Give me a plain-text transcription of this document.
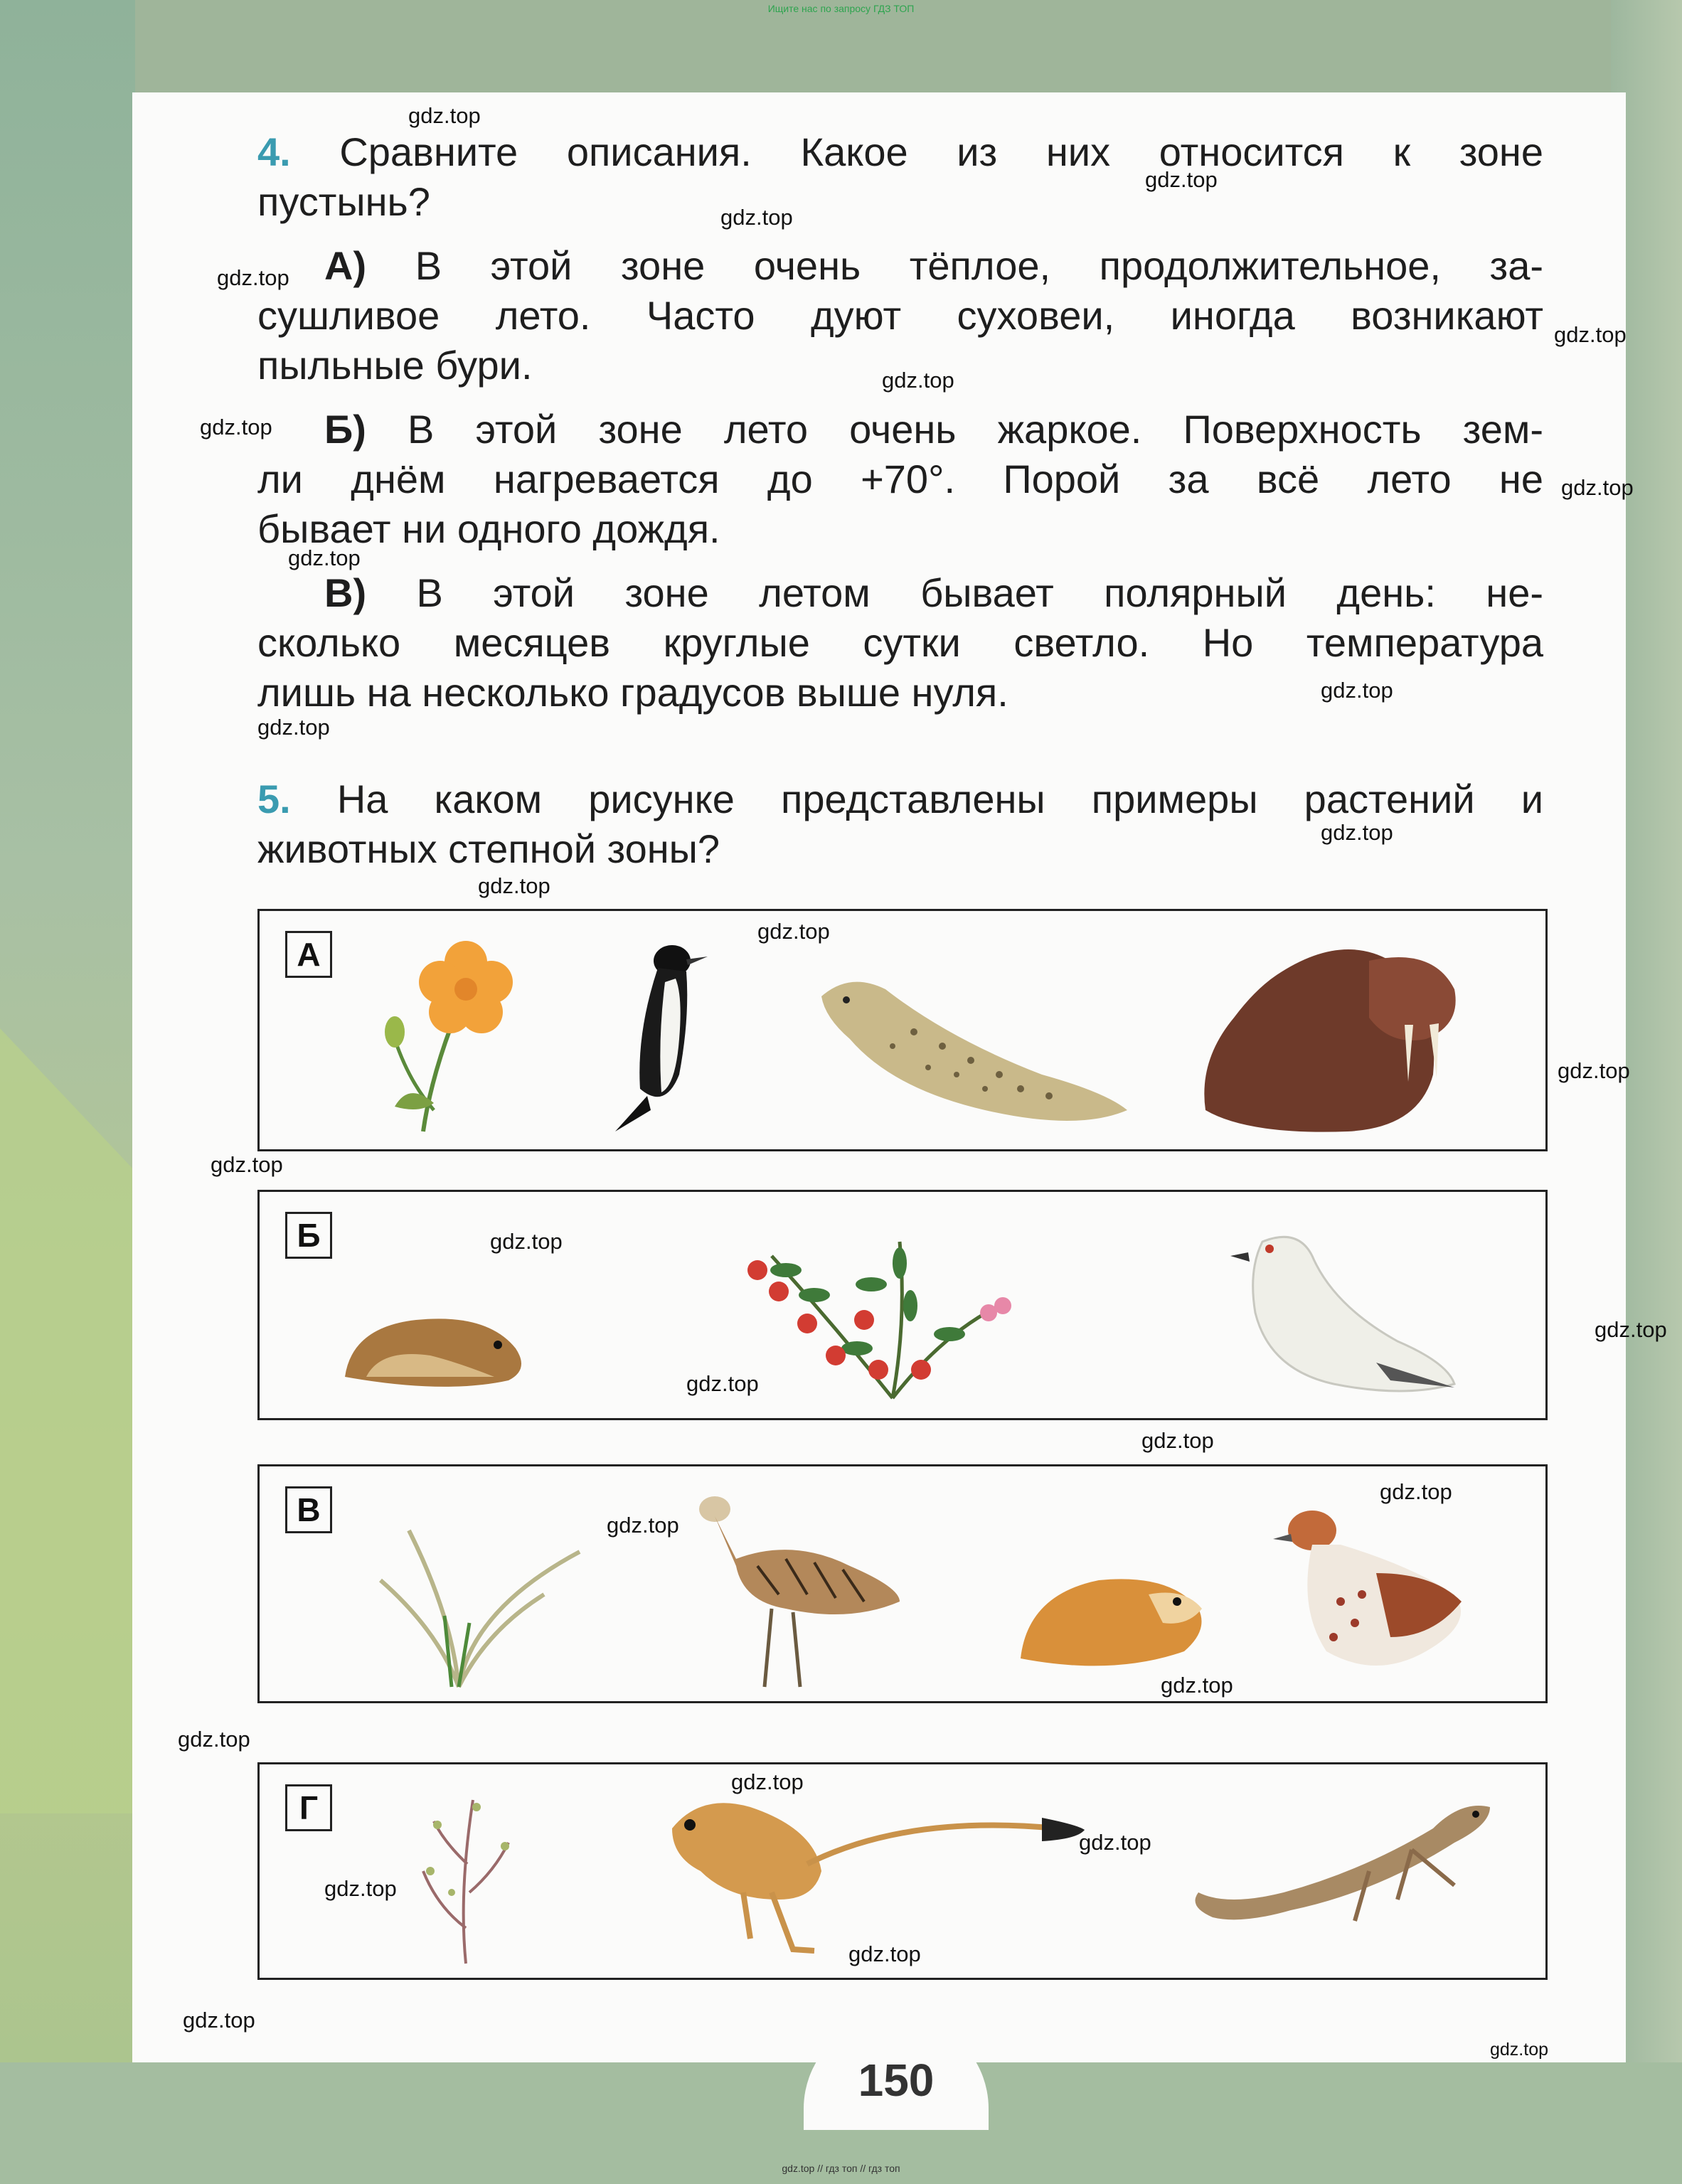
Ищите нас по запросу ГДЗ ТОП
4. Сравните описания. Какое из них относится к зоне
пустынь?
А) В этой зоне очень тёплое, продолжительное, за-
сушливое лето. Часто дуют суховеи, иногда возникают
пыльные бури.
Б) В этой зоне лето очень жаркое. Поверхность зем-
ли днём нагревается до +70°. Порой за всё лето не
бывает ни одного дождя.
В) В этой зоне летом бывает полярный день: не-
сколько месяцев круглые сутки светло. Но температура
лишь на несколько градусов выше нуля.
5. На каком рисунке представлены примеры растений и
животных степной зоны?
А
Б
В
Г
150
gdz.top
gdz.top
gdz.top
gdz.top
gdz.top
gdz.top
gdz.top
gdz.top
gdz.top
gdz.top
gdz.top
gdz.top
gdz.top
gdz.top
gdz.top
gdz.top
gdz.top
gdz.top
gdz.top
gdz.top
gdz.top
gdz.top
gdz.top
gdz.top
gdz.top
gdz.top
gdz.top
gdz.top
gdz.top
gdz.top
gdz.top // гдз топ // гдз топ
